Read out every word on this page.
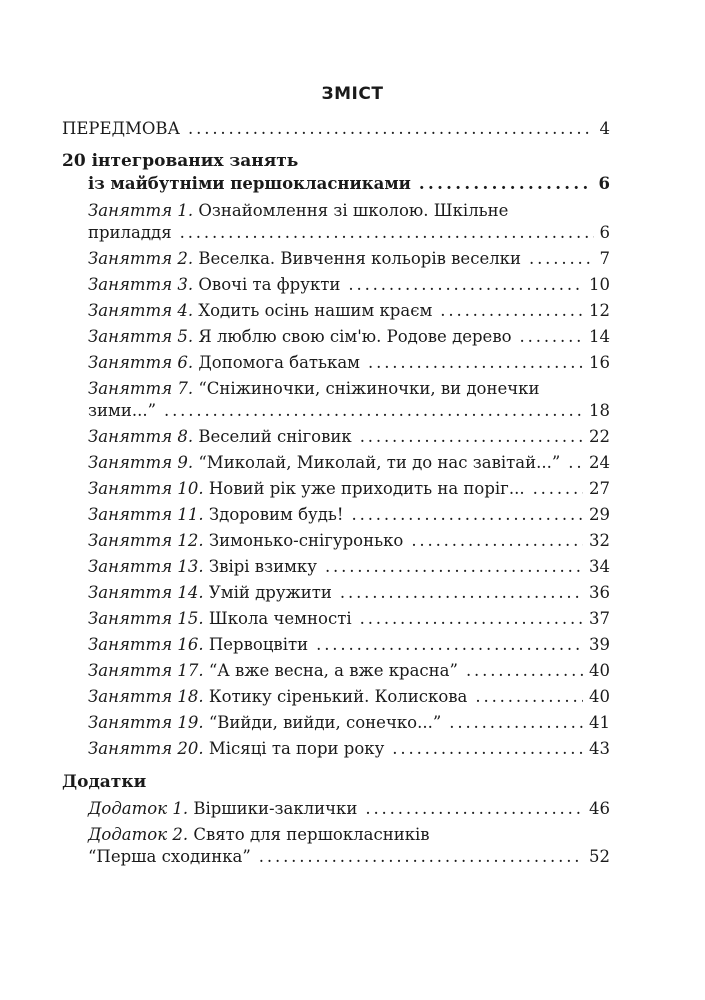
ЗМІСТ
ПЕРЕДМОВА . . .	4
20 інтегрованих занять
із майбутніми першокласниками . . .	6
Заняття 1. Ознайомлення зі школою. Шкільне
приладдя . . .	6
Заняття 2. Веселка. Вивчення кольорів веселки . . .	7
Заняття 3. Овочі та фрукти . . .	10
Заняття 4. Ходить осінь нашим краєм . . .	12
Заняття 5. Я люблю свою сім'ю. Родове дерево . . .	14
Заняття 6. Допомога батькам . . .	16
Заняття 7. “Сніжиночки, сніжиночки, ви донечки
зими...” . . .	18
Заняття 8. Веселий сніговик . . .	22
Заняття 9. “Миколай, Миколай, ти до нас завітай...” . . . 24
Заняття 10. Новий рік уже приходить на поріг... . . .	27
Заняття 11. Здоровим будь! . . .	29
Заняття 12. Зимонько-снігуронько . . .	32
Заняття 13. Звірі взимку . . .	34
Заняття 14. Умій дружити . . .	36
Заняття 15. Школа чемності . . .	37
Заняття 16. Первоцвіти . . .	39
Заняття 17. “А вже весна, а вже красна” . . .	40
Заняття 18. Котику сіренький. Колискова . . .	40
Заняття 19. “Вийди, вийди, сонечко...” . . .	41
Заняття 20. Місяці та пори року . . .	43
Додатки
Додаток 1. Віршики-заклички . . .	46
Додаток 2. Свято для першокласників
“Перша сходинка” . . .	52
